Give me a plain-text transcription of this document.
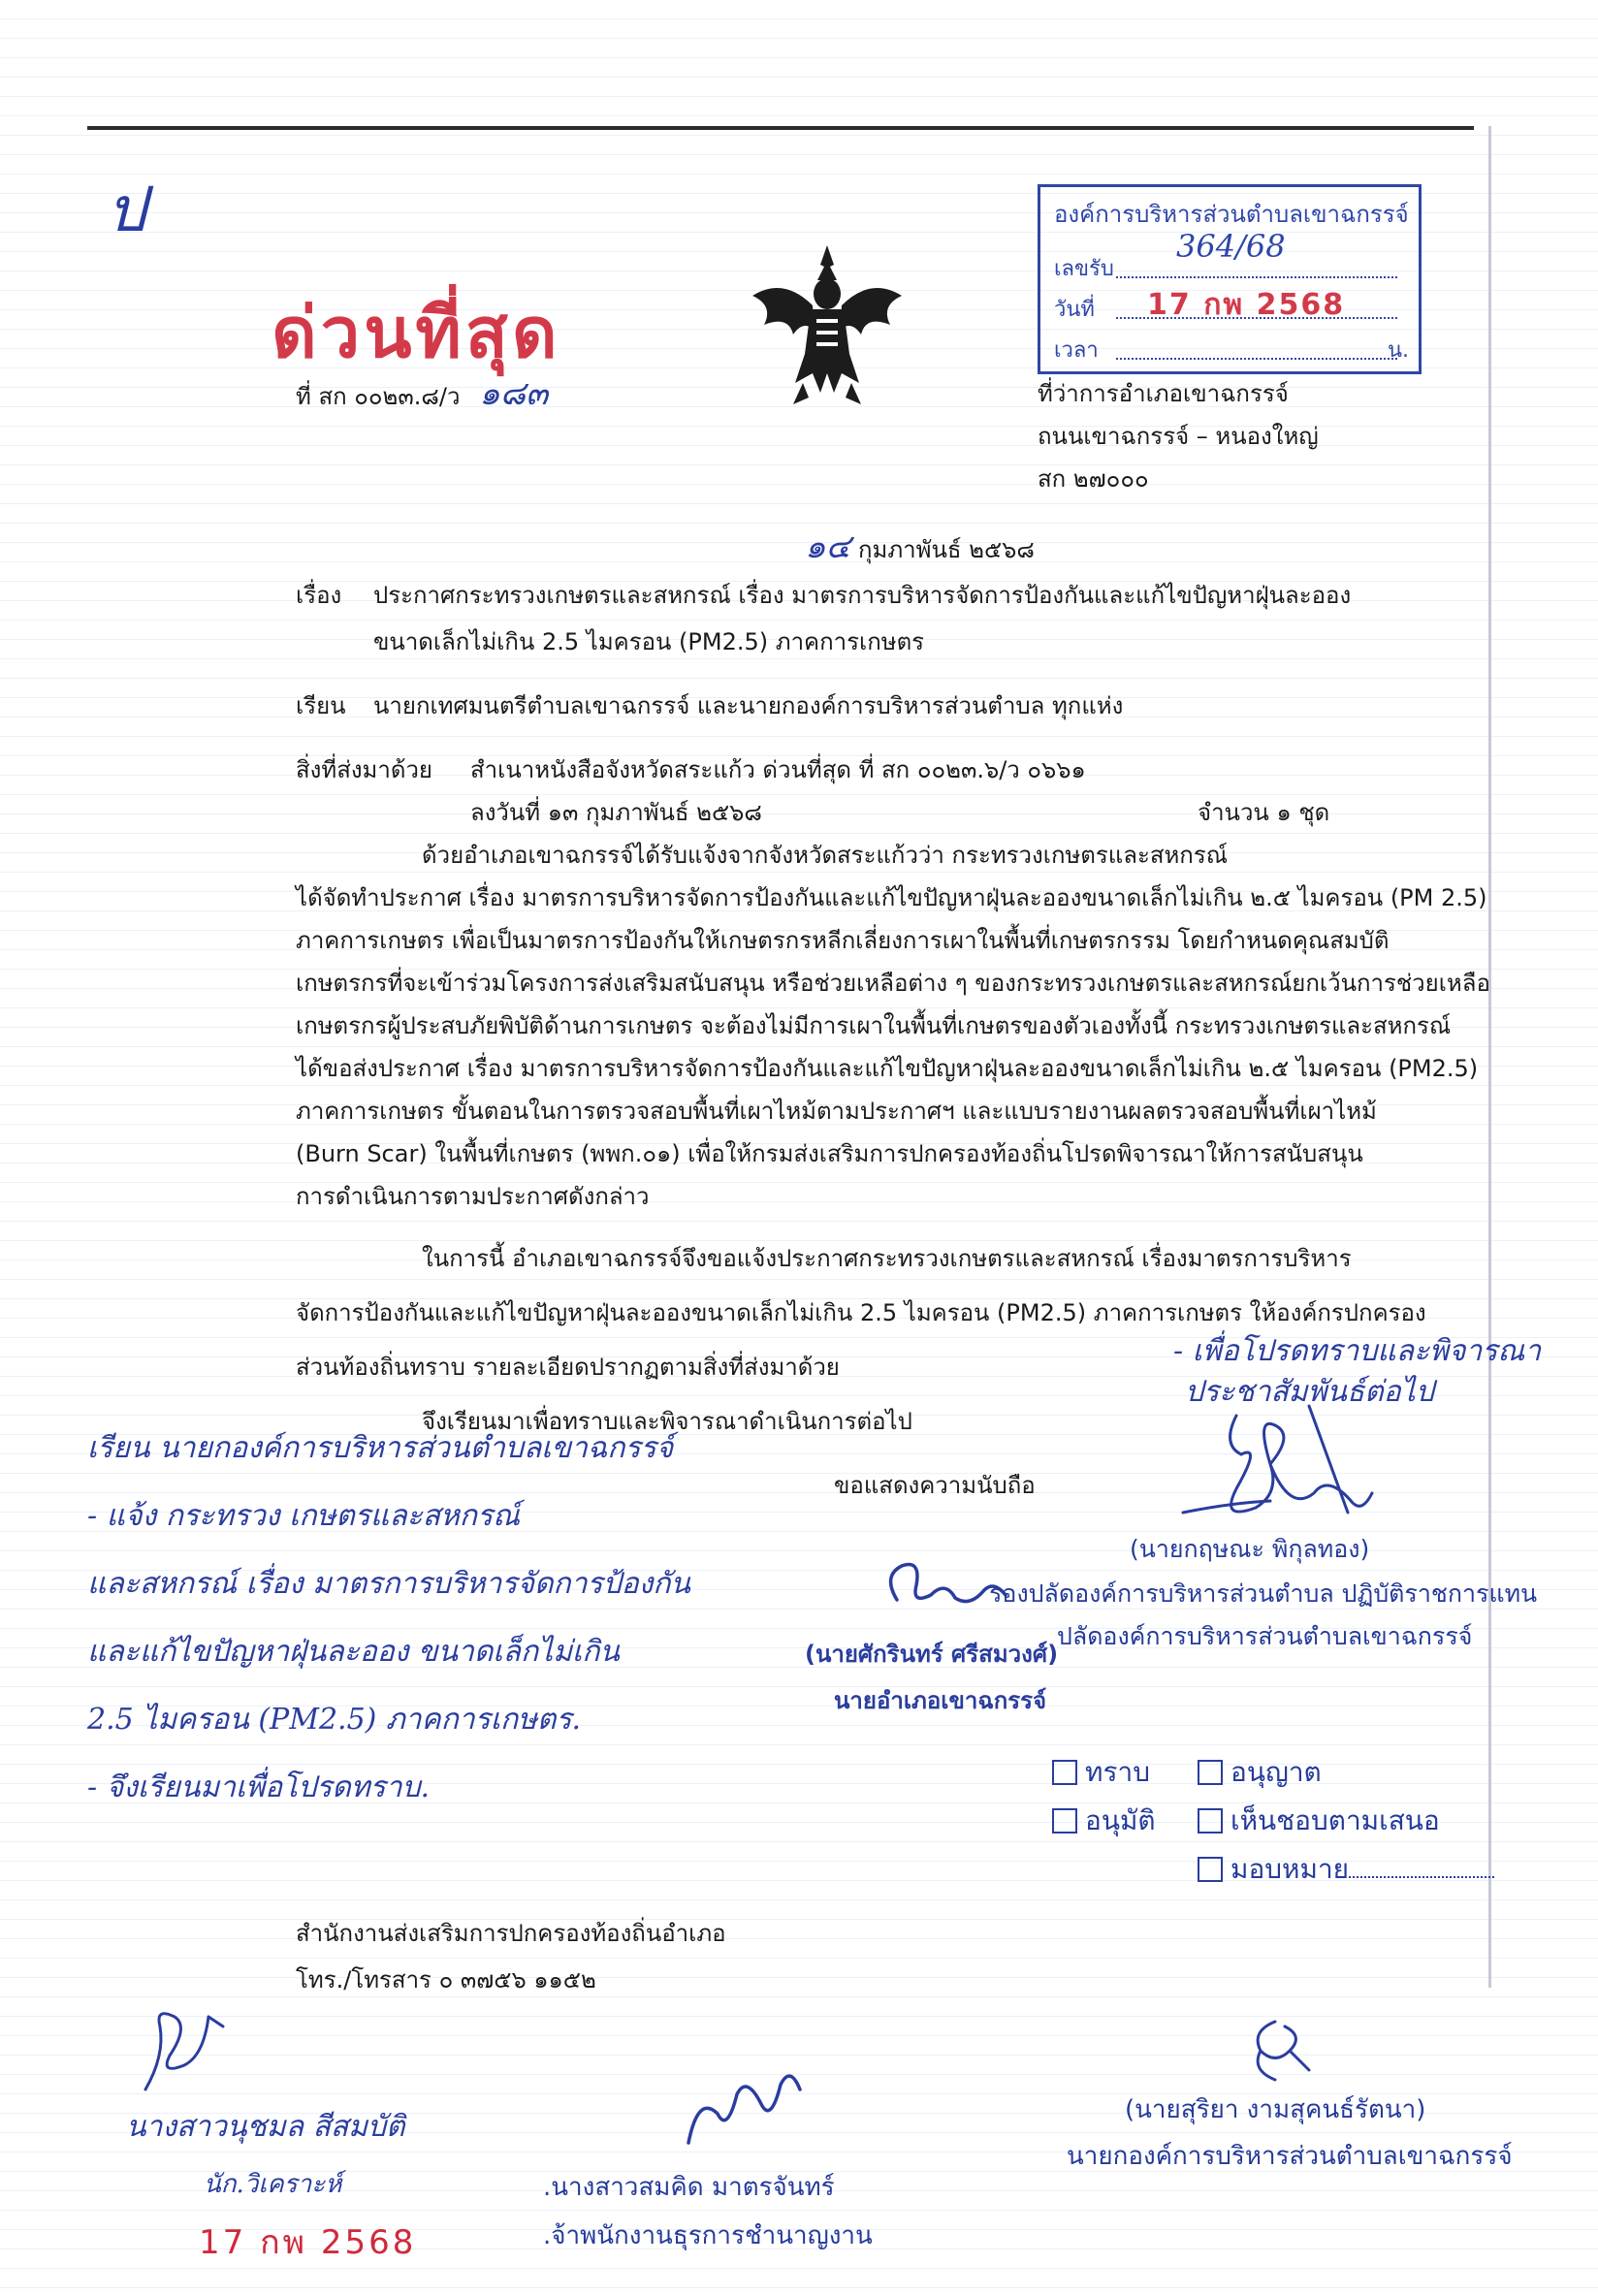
ป
ด่วนที่สุด
องค์การบริหารส่วนตำบลเขาฉกรรจ์
เลขรับ
364/68
วันที่ 17 กพ 2568
เวลา	น.
ที่ สก ๐๐๒๓.๘/ว ๑๘๓	ที่ว่าการอำเภอเขาฉกรรจ์
ถนนเขาฉกรรจ์ – หนองใหญ่
สก ๒๗๐๐๐
๑๔ กุมภาพันธ์ ๒๕๖๘
เรื่อง ประกาศกระทรวงเกษตรและสหกรณ์ เรื่อง มาตรการบริหารจัดการป้องกันและแก้ไขปัญหาฝุ่นละออง
ขนาดเล็กไม่เกิน 2.5 ไมครอน (PM2.5) ภาคการเกษตร
เรียน นายกเทศมนตรีตำบลเขาฉกรรจ์ และนายกองค์การบริหารส่วนตำบล ทุกแห่ง
สิ่งที่ส่งมาด้วย สำเนาหนังสือจังหวัดสระแก้ว ด่วนที่สุด ที่ สก ๐๐๒๓.๖/ว ๐๖๖๑
ลงวันที่ ๑๓ กุมภาพันธ์ ๒๕๖๘	จำนวน ๑ ชุด
ด้วยอำเภอเขาฉกรรจ์ได้รับแจ้งจากจังหวัดสระแก้วว่า กระทรวงเกษตรและสหกรณ์
ได้จัดทำประกาศ เรื่อง มาตรการบริหารจัดการป้องกันและแก้ไขปัญหาฝุ่นละอองขนาดเล็กไม่เกิน ๒.๕ ไมครอน (PM 2.5)
ภาคการเกษตร เพื่อเป็นมาตรการป้องกันให้เกษตรกรหลีกเลี่ยงการเผาในพื้นที่เกษตรกรรม โดยกำหนดคุณสมบัติ
เกษตรกรที่จะเข้าร่วมโครงการส่งเสริมสนับสนุน หรือช่วยเหลือต่าง ๆ ของกระทรวงเกษตรและสหกรณ์ยกเว้นการช่วยเหลือ
เกษตรกรผู้ประสบภัยพิบัติด้านการเกษตร จะต้องไม่มีการเผาในพื้นที่เกษตรของตัวเองทั้งนี้ กระทรวงเกษตรและสหกรณ์
ได้ขอส่งประกาศ เรื่อง มาตรการบริหารจัดการป้องกันและแก้ไขปัญหาฝุ่นละอองขนาดเล็กไม่เกิน ๒.๕ ไมครอน (PM2.5)
ภาคการเกษตร ขั้นตอนในการตรวจสอบพื้นที่เผาไหม้ตามประกาศฯ และแบบรายงานผลตรวจสอบพื้นที่เผาไหม้
(Burn Scar) ในพื้นที่เกษตร (พพก.๐๑) เพื่อให้กรมส่งเสริมการปกครองท้องถิ่นโปรดพิจารณาให้การสนับสนุน
การดำเนินการตามประกาศดังกล่าว
ในการนี้ อำเภอเขาฉกรรจ์จึงขอแจ้งประกาศกระทรวงเกษตรและสหกรณ์ เรื่องมาตรการบริหาร
จัดการป้องกันและแก้ไขปัญหาฝุ่นละอองขนาดเล็กไม่เกิน 2.5 ไมครอน (PM2.5) ภาคการเกษตร ให้องค์กรปกครอง
ส่วนท้องถิ่นทราบ รายละเอียดปรากฏตามสิ่งที่ส่งมาด้วย
จึงเรียนมาเพื่อทราบและพิจารณาดำเนินการต่อไป
- เพื่อโปรดทราบและพิจารณา
ประชาสัมพันธ์ต่อไป
ขอแสดงความนับถือ
เรียน นายกองค์การบริหารส่วนตำบลเขาฉกรรจ์
- แจ้ง กระทรวง เกษตรและสหกรณ์
และสหกรณ์ เรื่อง มาตรการบริหารจัดการป้องกัน
และแก้ไขปัญหาฝุ่นละออง ขนาดเล็กไม่เกิน
2.5 ไมครอน (PM2.5) ภาคการเกษตร.
- จึงเรียนมาเพื่อโปรดทราบ.
(นายกฤษณะ พิกุลทอง)
รองปลัดองค์การบริหารส่วนตำบล ปฏิบัติราชการแทน
ปลัดองค์การบริหารส่วนตำบลเขาฉกรรจ์
(นายศักรินทร์ ศรีสมวงศ์)
นายอำเภอเขาฉกรรจ์
ทราบ	อนุญาต
อนุมัติ	เห็นชอบตามเสนอ
มอบหมาย
สำนักงานส่งเสริมการปกครองท้องถิ่นอำเภอ
โทร./โทรสาร ๐ ๓๗๕๖ ๑๑๕๒
นางสาวนุชมล สีสมบัติ
นัก.วิเคราะห์
17 กพ 2568
.นางสาวสมคิด มาตรจันทร์
.จ้าพนักงานธุรการชำนาญงาน
(นายสุริยา งามสุคนธ์รัตนา)
นายกองค์การบริหารส่วนตำบลเขาฉกรรจ์
